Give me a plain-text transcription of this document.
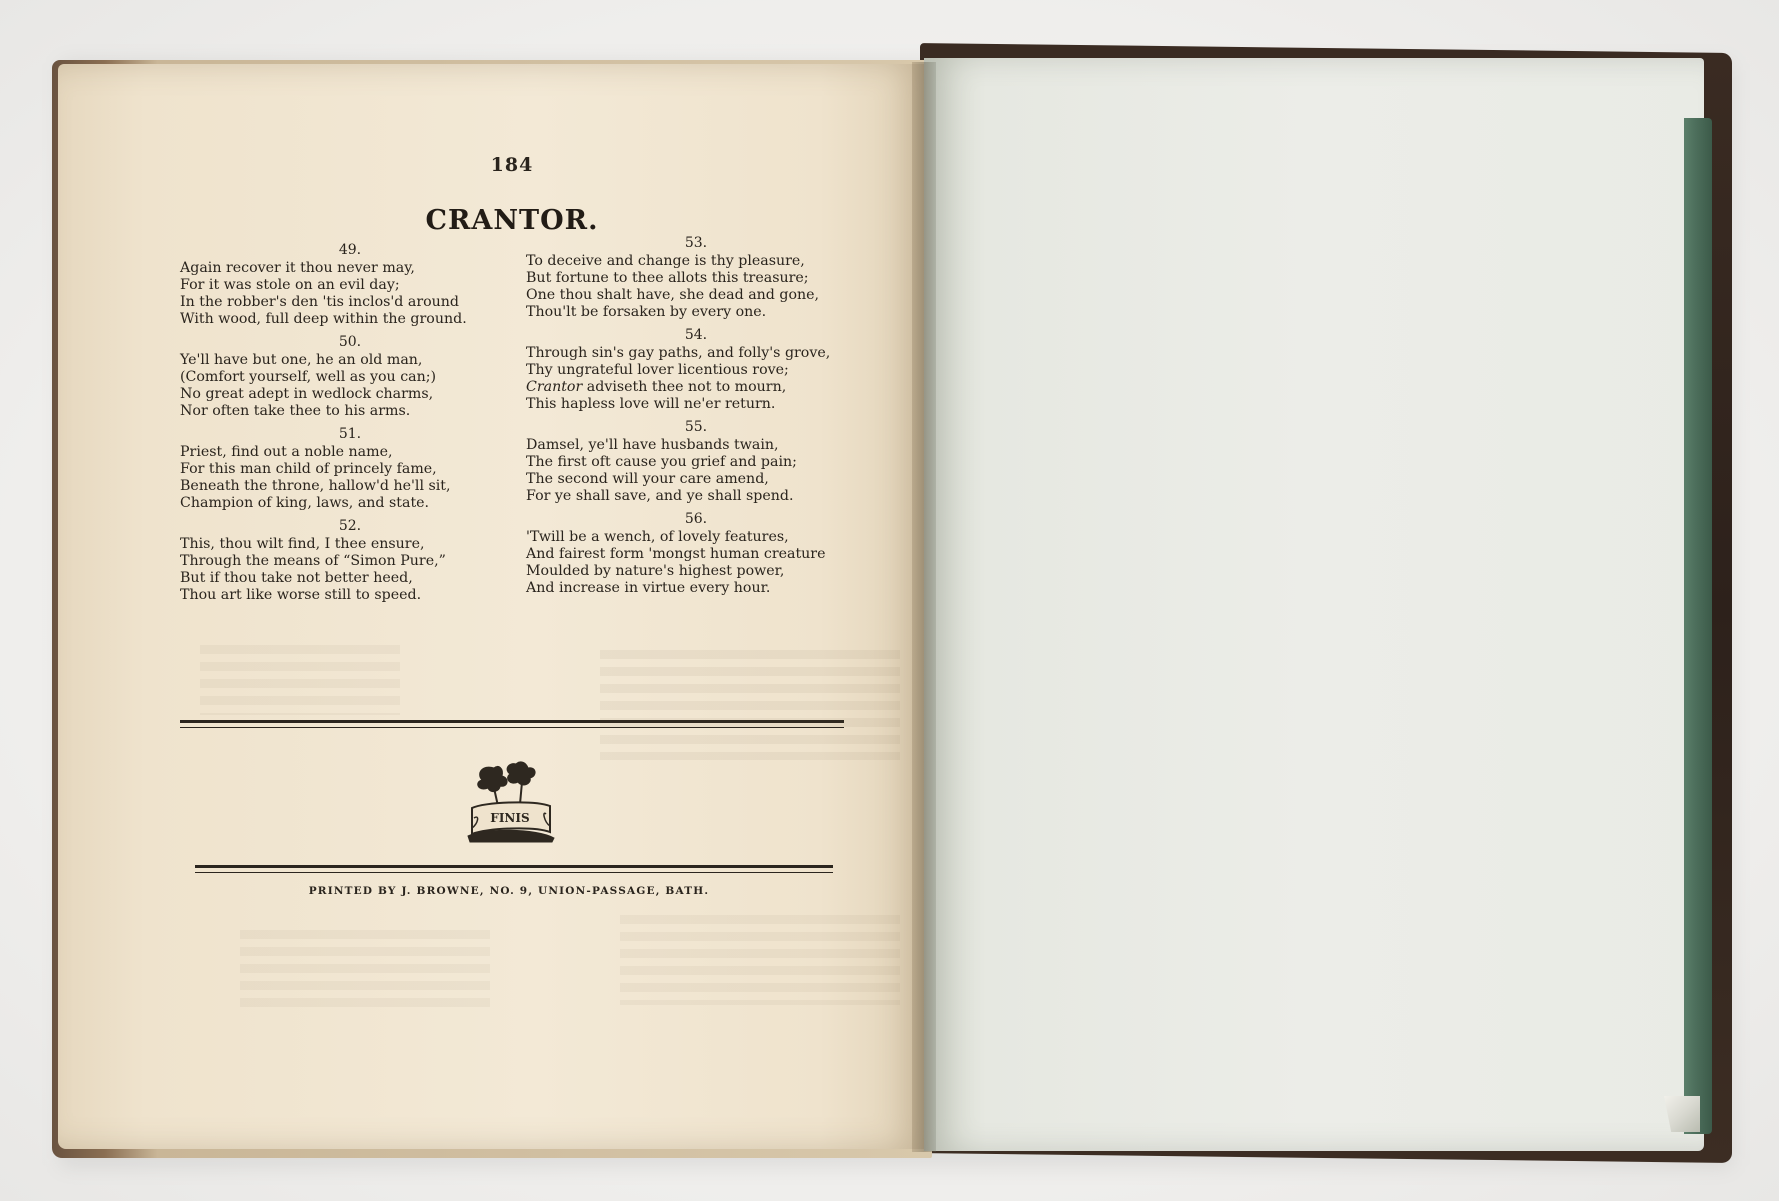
184
CRANTOR.
49.
Again recover it thou never may,
For it was stole on an evil day;
In the robber's den 'tis inclos'd around
With wood, full deep within the ground.
50.
Ye'll have but one, he an old man,
(Comfort yourself, well as you can;)
No great adept in wedlock charms,
Nor often take thee to his arms.
51.
Priest, find out a noble name,
For this man child of princely fame,
Beneath the throne, hallow'd he'll sit,
Champion of king, laws, and state.
52.
This, thou wilt find, I thee ensure,
Through the means of “Simon Pure,”
But if thou take not better heed,
Thou art like worse still to speed.
53.
To deceive and change is thy pleasure,
But fortune to thee allots this treasure;
One thou shalt have, she dead and gone,
Thou'lt be forsaken by every one.
54.
Through sin's gay paths, and folly's grove,
Thy ungrateful lover licentious rove;
Crantor adviseth thee not to mourn,
This hapless love will ne'er return.
55.
Damsel, ye'll have husbands twain,
The first oft cause you grief and pain;
The second will your care amend,
For ye shall save, and ye shall spend.
56.
'Twill be a wench, of lovely features,
And fairest form 'mongst human creature
Moulded by nature's highest power,
And increase in virtue every hour.
FINIS
PRINTED BY J. BROWNE, NO. 9, UNION-PASSAGE, BATH.
